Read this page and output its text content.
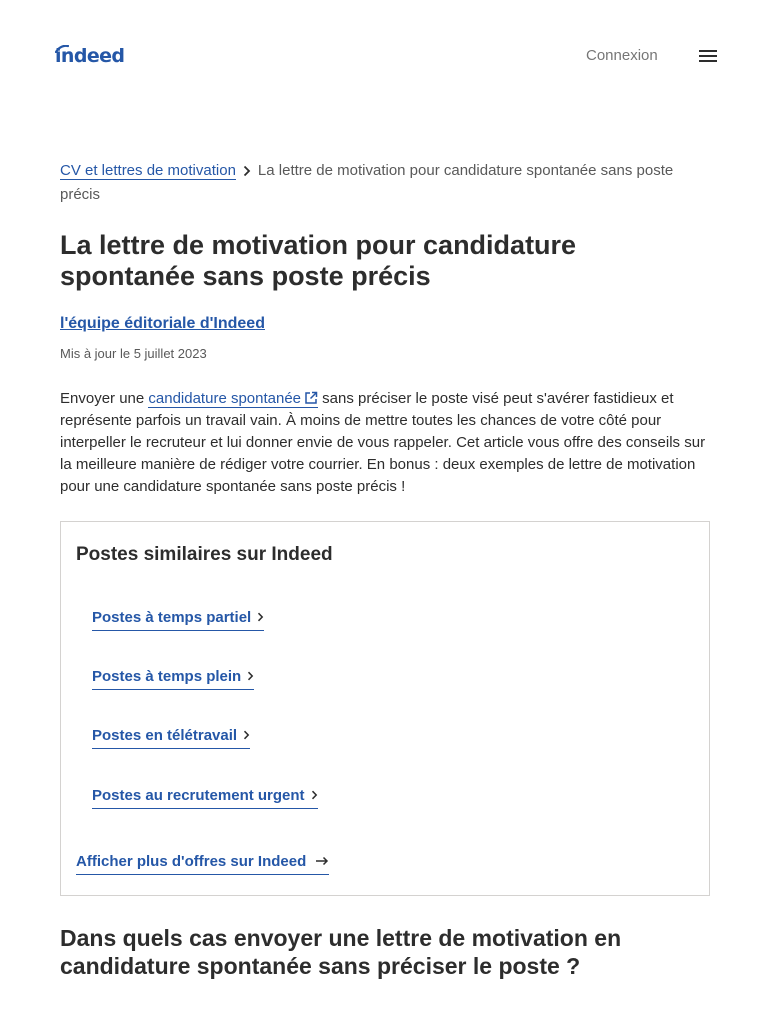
indeed	Connexion
CV et lettres de motivation La lettre de motivation pour candidature spontanée sans poste précis
La lettre de motivation pour candidature spontanée sans poste précis
l'équipe éditoriale d'Indeed
Mis à jour le 5 juillet 2023

Envoyer une candidature spontanée sans préciser le poste visé peut s'avérer fastidieux et représente parfois un travail vain. À moins de mettre toutes les chances de votre côté pour interpeller le recruteur et lui donner envie de vous rappeler. Cet article vous offre des conseils sur la meilleure manière de rédiger votre courrier. En bonus : deux exemples de lettre de motivation pour une candidature spontanée sans poste précis !

Postes similaires sur Indeed
Postes à temps partiel
Postes à temps plein
Postes en télétravail
Postes au recrutement urgent
Afficher plus d'offres sur Indeed
Dans quels cas envoyer une lettre de motivation en candidature spontanée sans préciser le poste ?
